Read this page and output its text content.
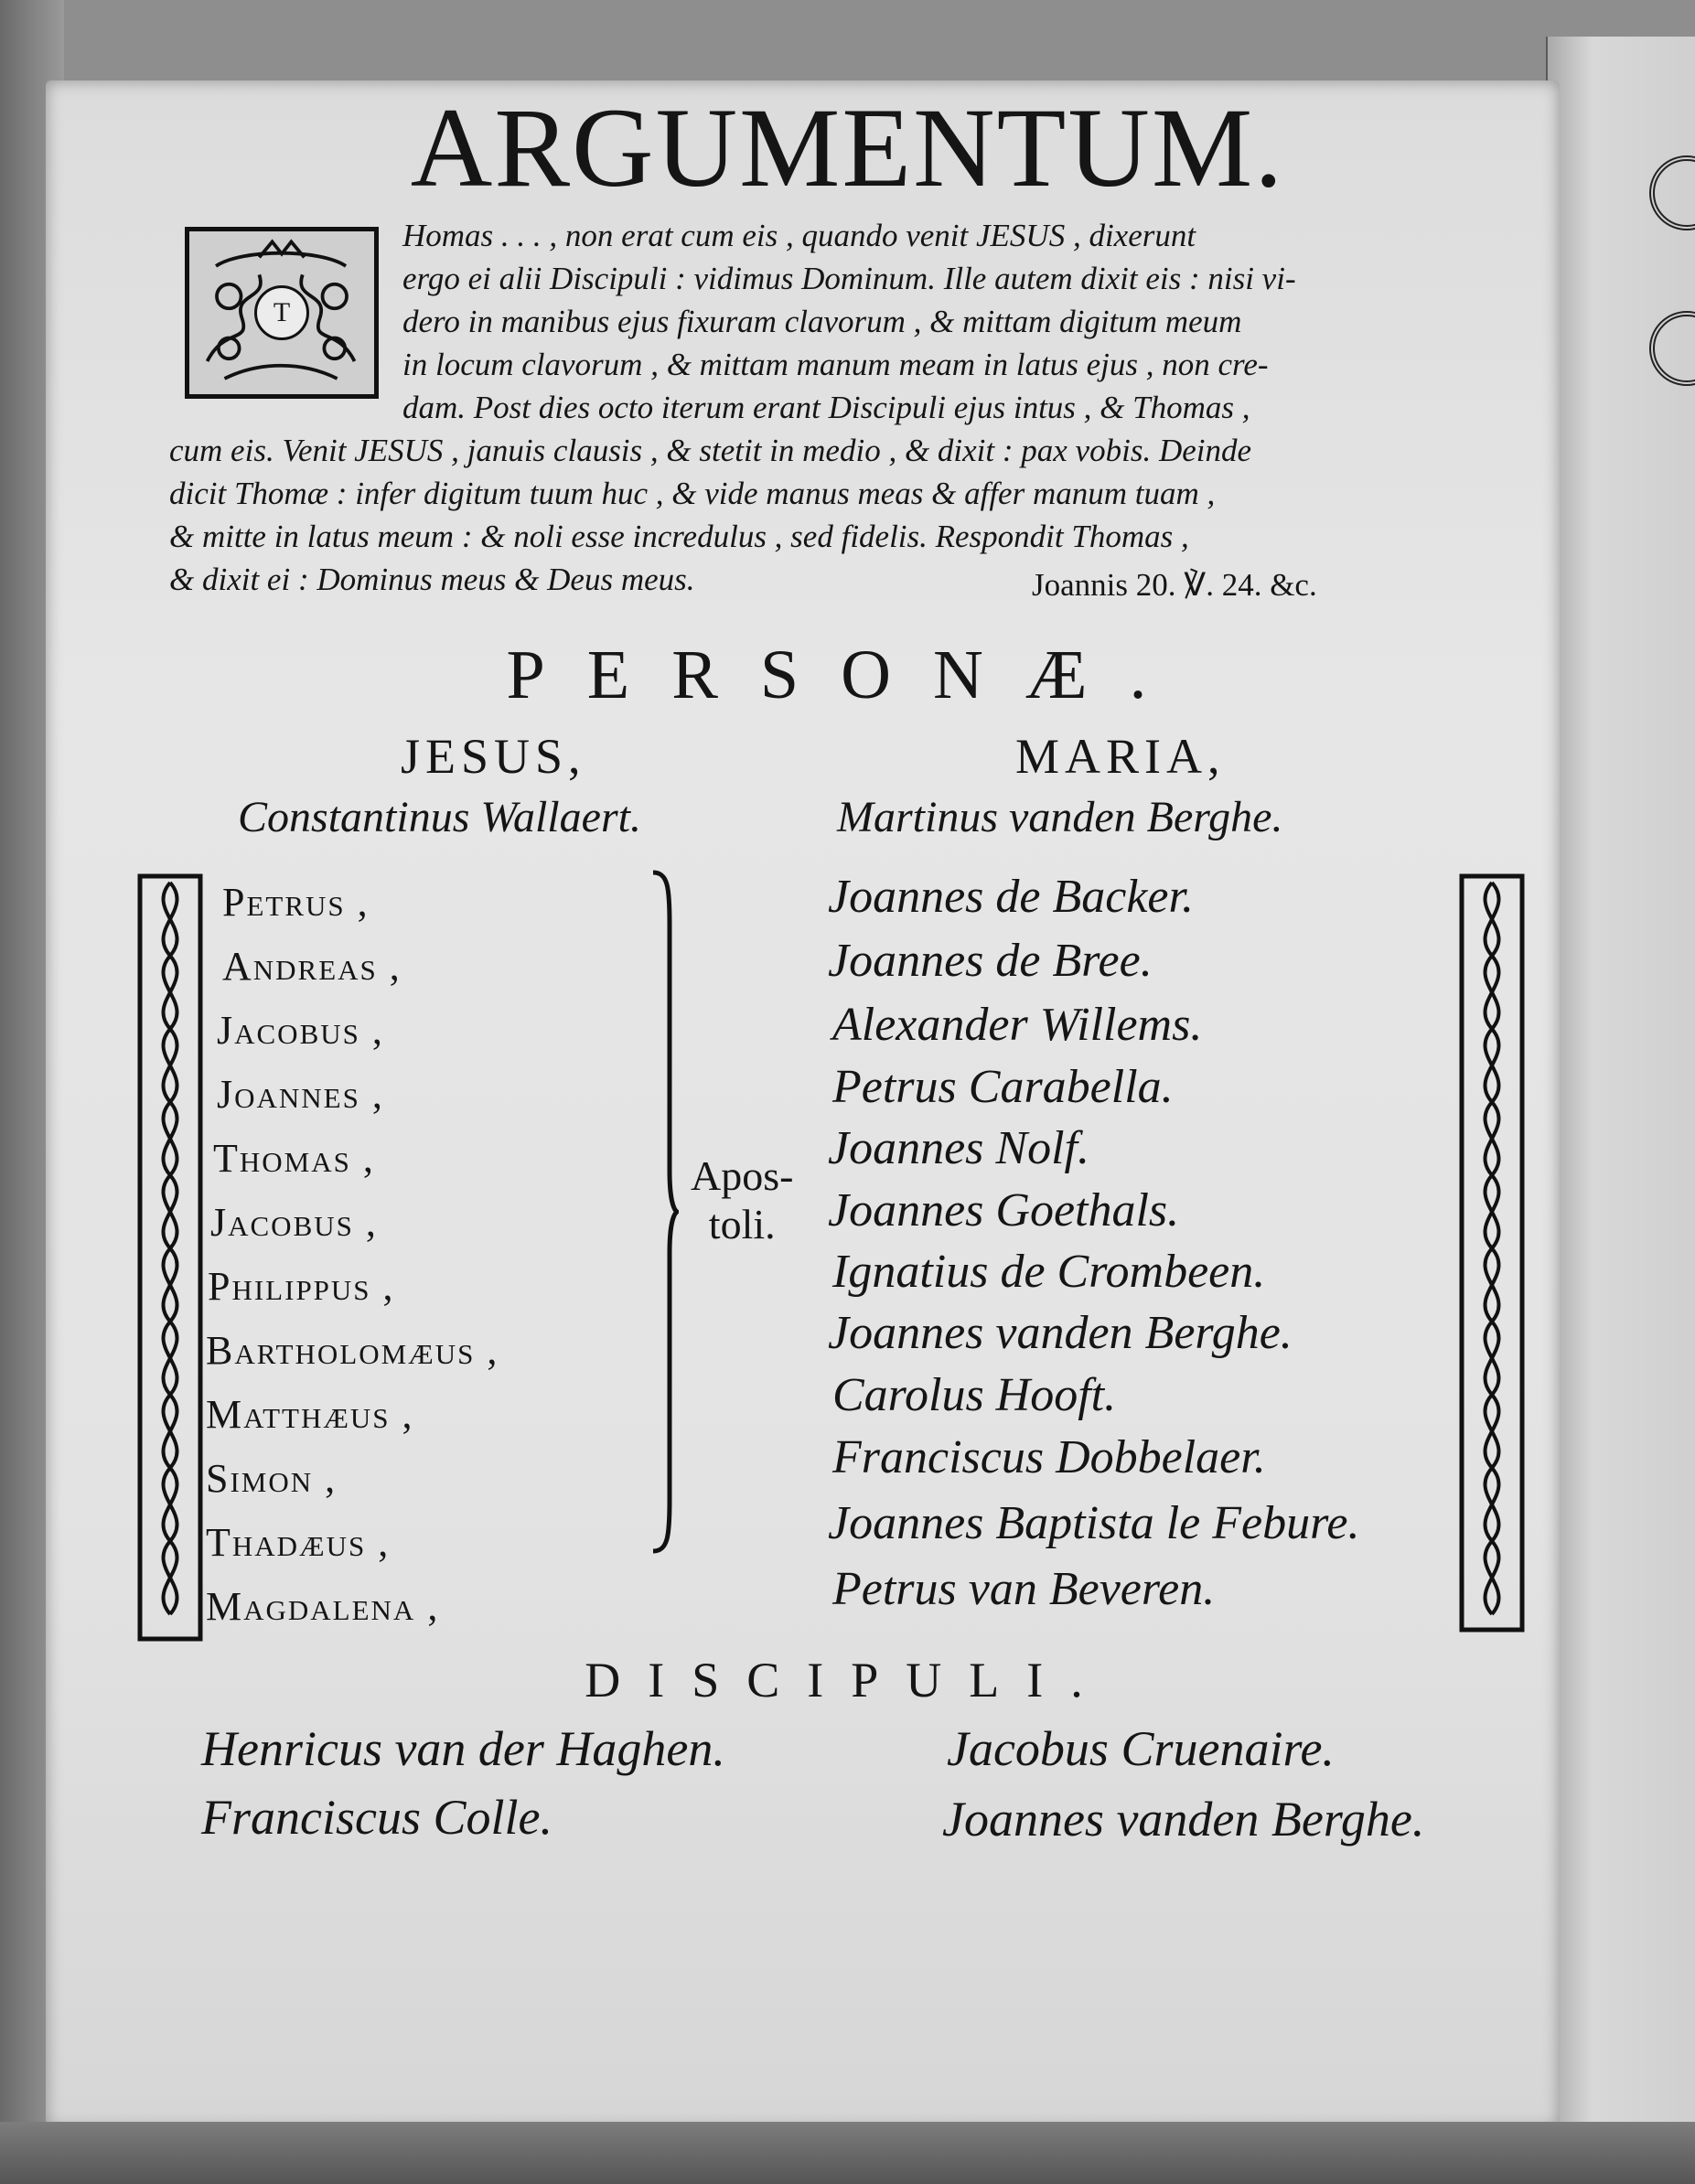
ARGUMENTUM.
T
Homas . . . , non erat cum eis , quando venit JESUS , dixerunt
ergo ei alii Discipuli : vidimus Dominum. Ille autem dixit eis : nisi vi-
dero in manibus ejus fixuram clavorum , & mittam digitum meum
in locum clavorum , & mittam manum meam in latus ejus , non cre-
dam. Post dies octo iterum erant Discipuli ejus intus , & Thomas ,
cum eis. Venit JESUS , januis clausis , & stetit in medio , & dixit : pax vobis. Deinde
dicit Thomæ : infer digitum tuum huc , & vide manus meas & affer manum tuam ,
& mitte in latus meum : & noli esse incredulus , sed fidelis. Respondit Thomas ,
& dixit ei : Dominus meus & Deus meus.	Joannis 20. ℣. 24. &c.
PERSONÆ.
JESUS,	MARIA,
Constantinus Wallaert.	Martinus vanden Berghe.
Petrus ,
Andreas ,
Jacobus ,
Joannes ,
Thomas ,
Jacobus ,
Philippus ,
Bartholomæus ,
Matthæus ,
Simon ,
Thadæus ,
Magdalena ,
Apos-
toli.
Joannes de Backer.
Joannes de Bree.
Alexander Willems.
Petrus Carabella.
Joannes Nolf.
Joannes Goethals.
Ignatius de Crombeen.
Joannes vanden Berghe.
Carolus Hooft.
Franciscus Dobbelaer.
Joannes Baptista le Febure.
Petrus van Beveren.
DISCIPULI.
Henricus van der Haghen.	Jacobus Cruenaire.
Franciscus Colle.	Joannes vanden Berghe.
